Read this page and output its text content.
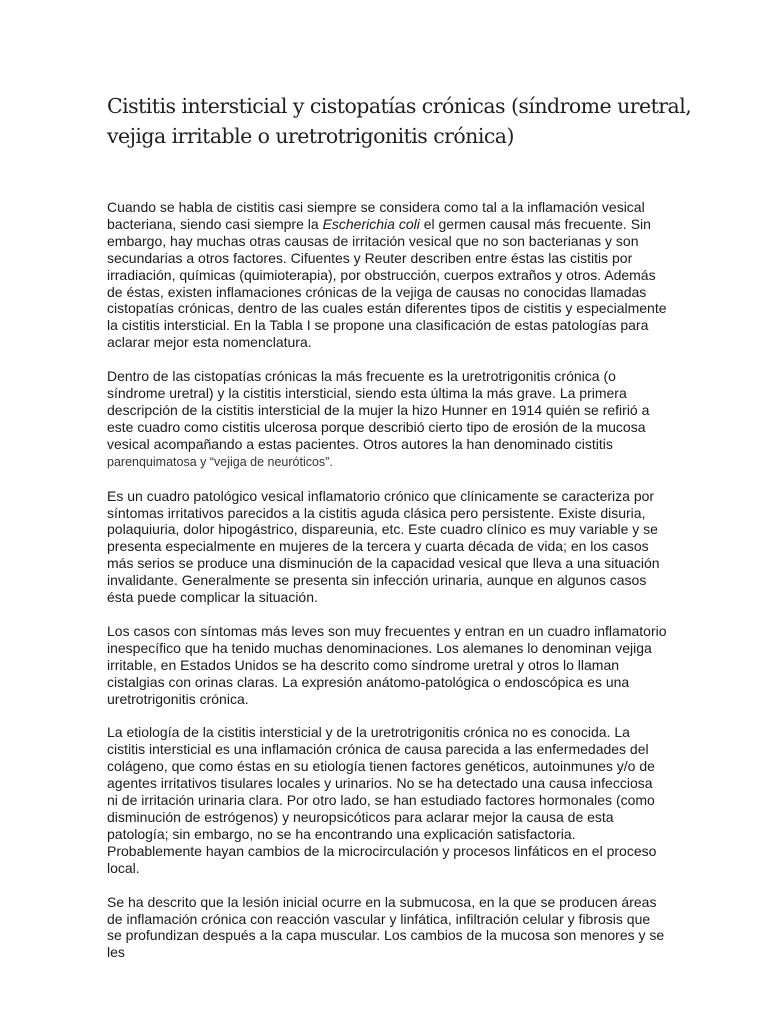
Cistitis intersticial y cistopatías crónicas (síndrome uretral, vejiga irritable o uretrotrigonitis crónica)

Cuando se habla de cistitis casi siempre se considera como tal a la inflamación vesical bacteriana, siendo casi siempre la Escherichia coli el germen causal más frecuente. Sin embargo, hay muchas otras causas de irritación vesical que no son bacterianas y son secundarias a otros factores. Cifuentes y Reuter describen entre éstas las cistitis por irradiación, químicas (quimioterapia), por obstrucción, cuerpos extraños y otros. Además de éstas, existen inflamaciones crónicas de la vejiga de causas no conocidas llamadas cistopatías crónicas, dentro de las cuales están diferentes tipos de cistitis y especialmente la cistitis intersticial. En la Tabla I se propone una clasificación de estas patologías para aclarar mejor esta nomenclatura.

Dentro de las cistopatías crónicas la más frecuente es la uretrotrigonitis crónica (o síndrome uretral) y la cistitis intersticial, siendo esta última la más grave. La primera descripción de la cistitis intersticial de la mujer la hizo Hunner en 1914 quién se refirió a este cuadro como cistitis ulcerosa porque describió cierto tipo de erosión de la mucosa vesical acompañando a estas pacientes. Otros autores la han denominado cistitis
parenquimatosa y “vejiga de neuróticos”.

Es un cuadro patológico vesical inflamatorio crónico que clínicamente se caracteriza por síntomas irritativos parecidos a la cistitis aguda clásica pero persistente. Existe disuria, polaquiuria, dolor hipogástrico, dispareunia, etc. Este cuadro clínico es muy variable y se presenta especialmente en mujeres de la tercera y cuarta década de vida; en los casos más serios se produce una disminución de la capacidad vesical que lleva a una situación invalidante. Generalmente se presenta sin infección urinaria, aunque en algunos casos ésta puede complicar la situación.

Los casos con síntomas más leves son muy frecuentes y entran en un cuadro inflamatorio inespecífico que ha tenido muchas denominaciones. Los alemanes lo denominan vejiga irritable, en Estados Unidos se ha descrito como síndrome uretral y otros lo llaman cistalgias con orinas claras. La expresión anátomo-patológica o endoscópica es una uretrotrigonitis crónica.

La etiología de la cistitis intersticial y de la uretrotrigonitis crónica no es conocida. La cistitis intersticial es una inflamación crónica de causa parecida a las enfermedades del colágeno, que como éstas en su etiología tienen factores genéticos, autoinmunes y/o de agentes irritativos tisulares locales y urinarios. No se ha detectado una causa infecciosa ni de irritación urinaria clara. Por otro lado, se han estudiado factores hormonales (como disminución de estrógenos) y neuropsicóticos para aclarar mejor la causa de esta patología; sin embargo, no se ha encontrando una explicación satisfactoria. Probablemente hayan cambios de la microcirculación y procesos linfáticos en el proceso local.

Se ha descrito que la lesión inicial ocurre en la submucosa, en la que se producen áreas de inflamación crónica con reacción vascular y linfática, infiltración celular y fibrosis que se profundizan después a la capa muscular. Los cambios de la mucosa son menores y se les
